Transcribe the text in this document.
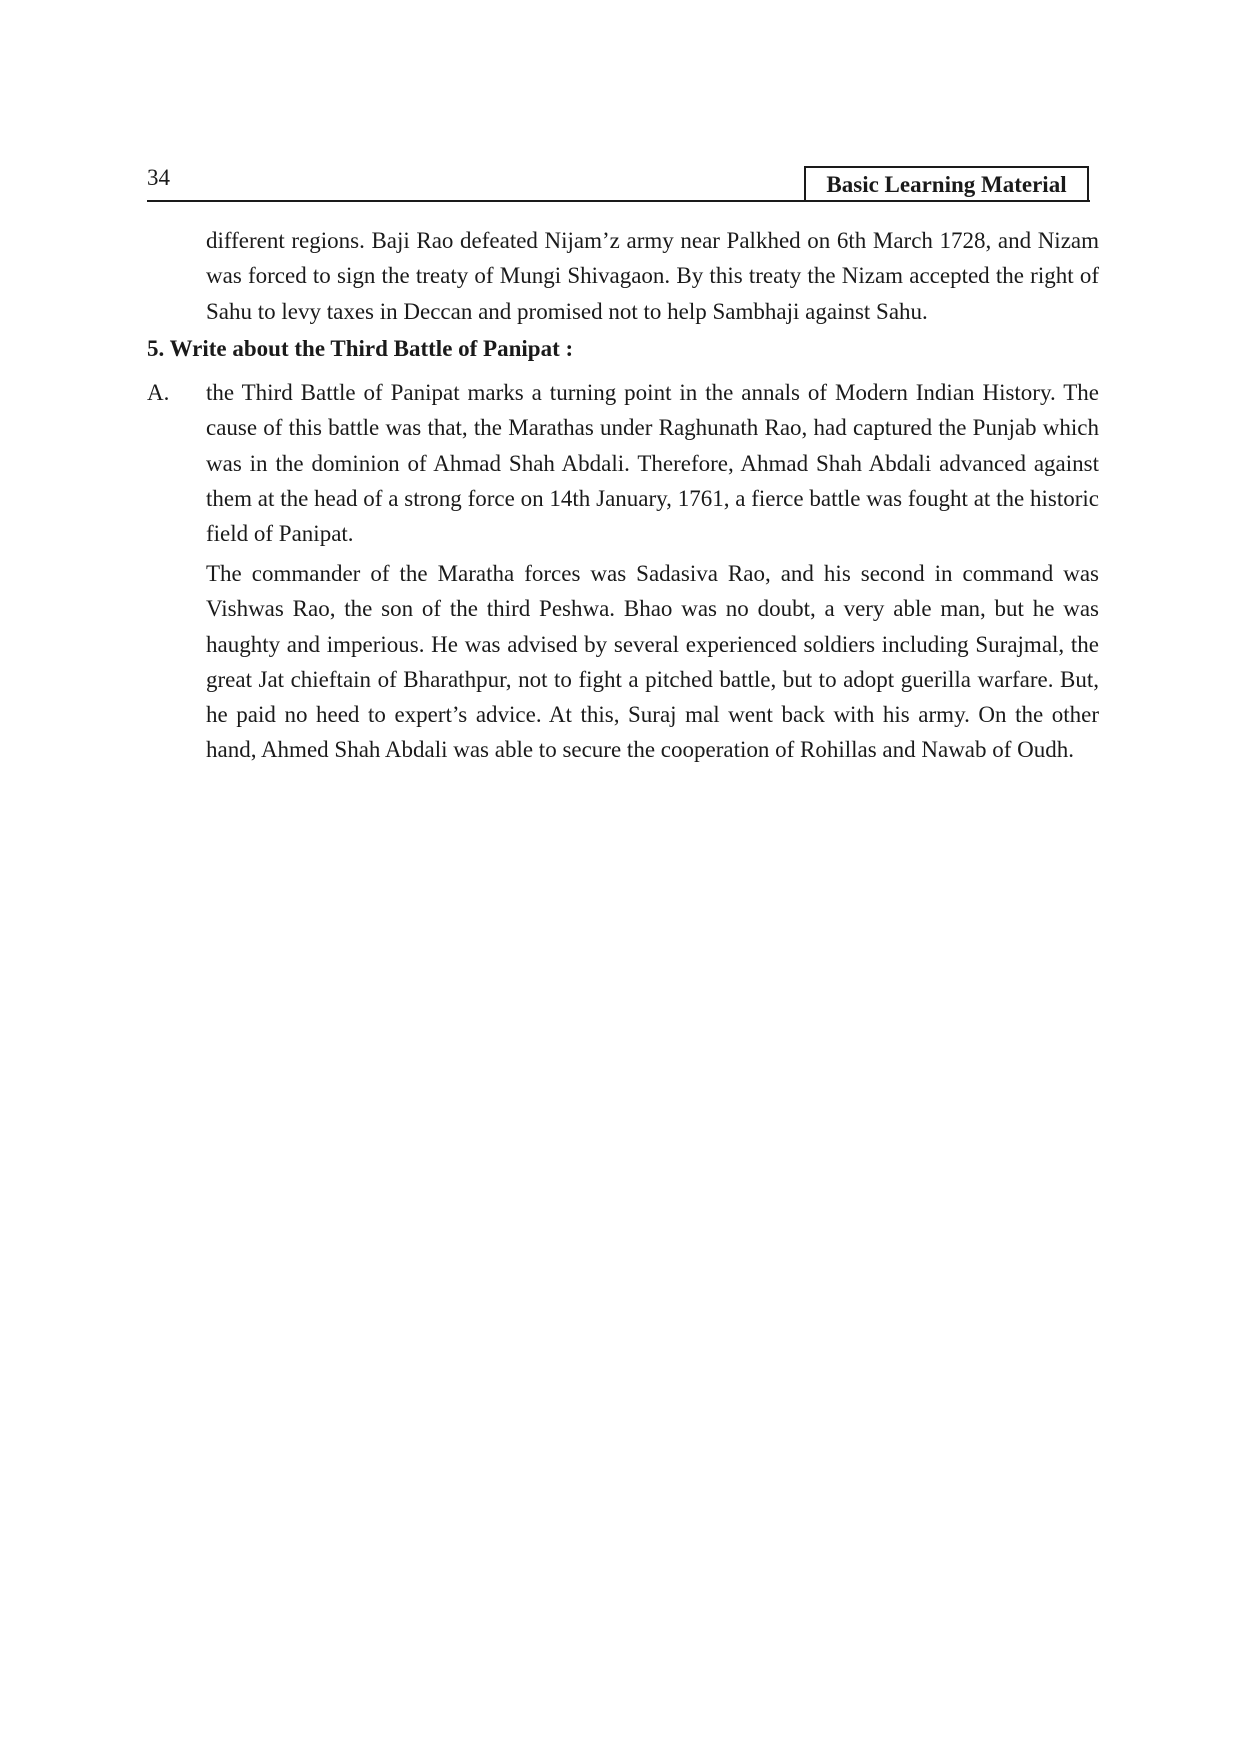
34	Basic Learning Material

different regions. Baji Rao defeated Nijam’z army near Palkhed on 6th March 1728, and Nizam was forced to sign the treaty of Mungi Shivagaon. By this treaty the Nizam accepted the right of Sahu to levy taxes in Deccan and promised not to help Sambhaji against Sahu.

5. Write about the Third Battle of Panipat :
A. the Third Battle of Panipat marks a turning point in the annals of Modern Indian History. The cause of this battle was that, the Marathas under Raghunath Rao, had captured the Punjab which was in the dominion of Ahmad Shah Abdali. Therefore, Ahmad Shah Abdali advanced against them at the head of a strong force on 14th January, 1761, a fierce battle was fought at the historic field of Panipat.

The commander of the Maratha forces was Sadasiva Rao, and his second in command was Vishwas Rao, the son of the third Peshwa. Bhao was no doubt, a very able man, but he was haughty and imperious. He was advised by several experienced soldiers including Surajmal, the great Jat chieftain of Bharathpur, not to fight a pitched battle, but to adopt guerilla warfare. But, he paid no heed to expert’s advice. At this, Suraj mal went back with his army. On the other hand, Ahmed Shah Abdali was able to secure the cooperation of Rohillas and Nawab of Oudh.
